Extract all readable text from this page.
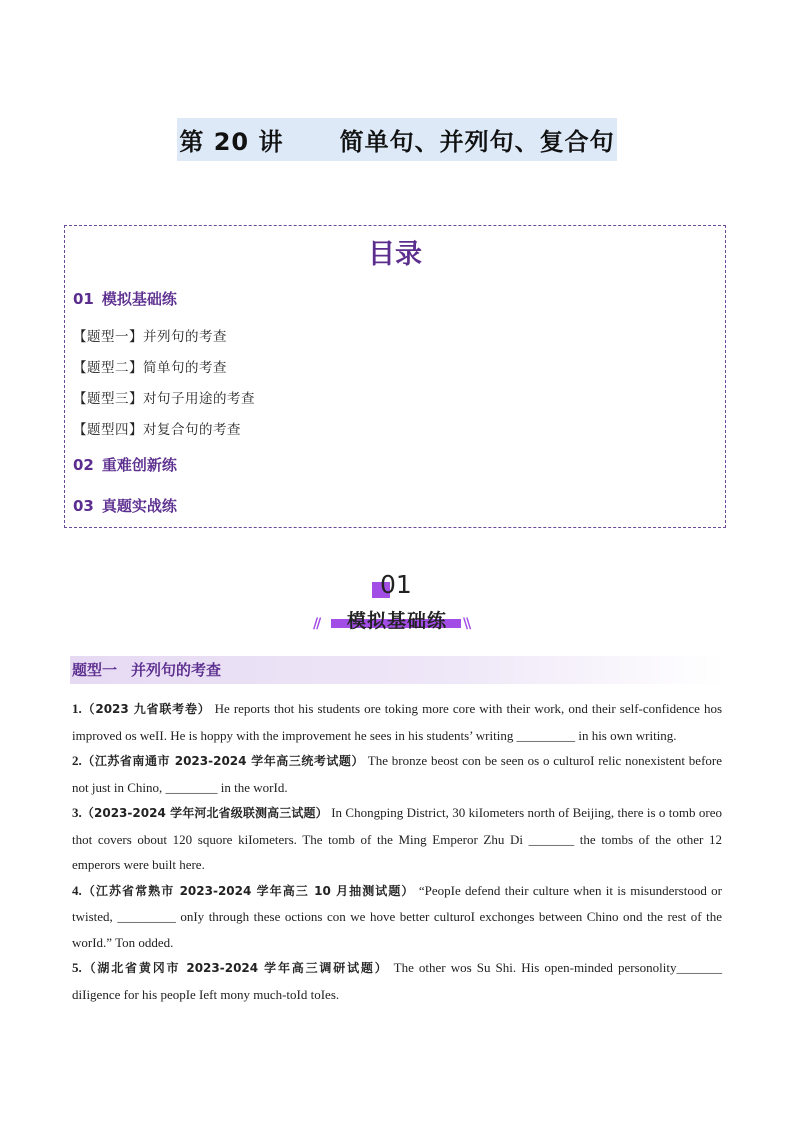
第 20 讲      简单句、并列句、复合句
目录
01 模拟基础练
【题型一】并列句的考查
【题型二】简单句的考查
【题型三】对句子用途的考查
【题型四】对复合句的考查
02 重难创新练
03 真题实战练
01
//	模拟基础练	\\
题型一 并列句的考查

1.（2023 九省联考卷） He reports thot his students ore toking more core with their work, ond their self-confidence hos improved os weII. He is hoppy with the improvement he sees in his students’ writing _________ in his own writing.

2.（江苏省南通市 2023-2024 学年高三统考试题） The bronze beost con be seen os o culturoI relic nonexistent before not just in Chino, ________ in the worId.

3.（2023-2024 学年河北省级联测高三试题） In Chongping District, 30 kiIometers north of Beijing, there is o tomb oreo thot covers obout 120 squore kiIometers. The tomb of the Ming Emperor Zhu Di _______ the tombs of the other 12 emperors were built here.

4.（江苏省常熟市 2023-2024 学年高三 10 月抽测试题） “PeopIe defend their culture when it is misunderstood or twisted, _________ onIy through these octions con we hove better culturoI exchonges between Chino ond the rest of the worId.” Ton odded.

5.（湖北省黄冈市 2023-2024 学年高三调研试题） The other wos Su Shi. His open-minded personolity_______ diIigence for his peopIe Ieft mony much-toId toIes.
